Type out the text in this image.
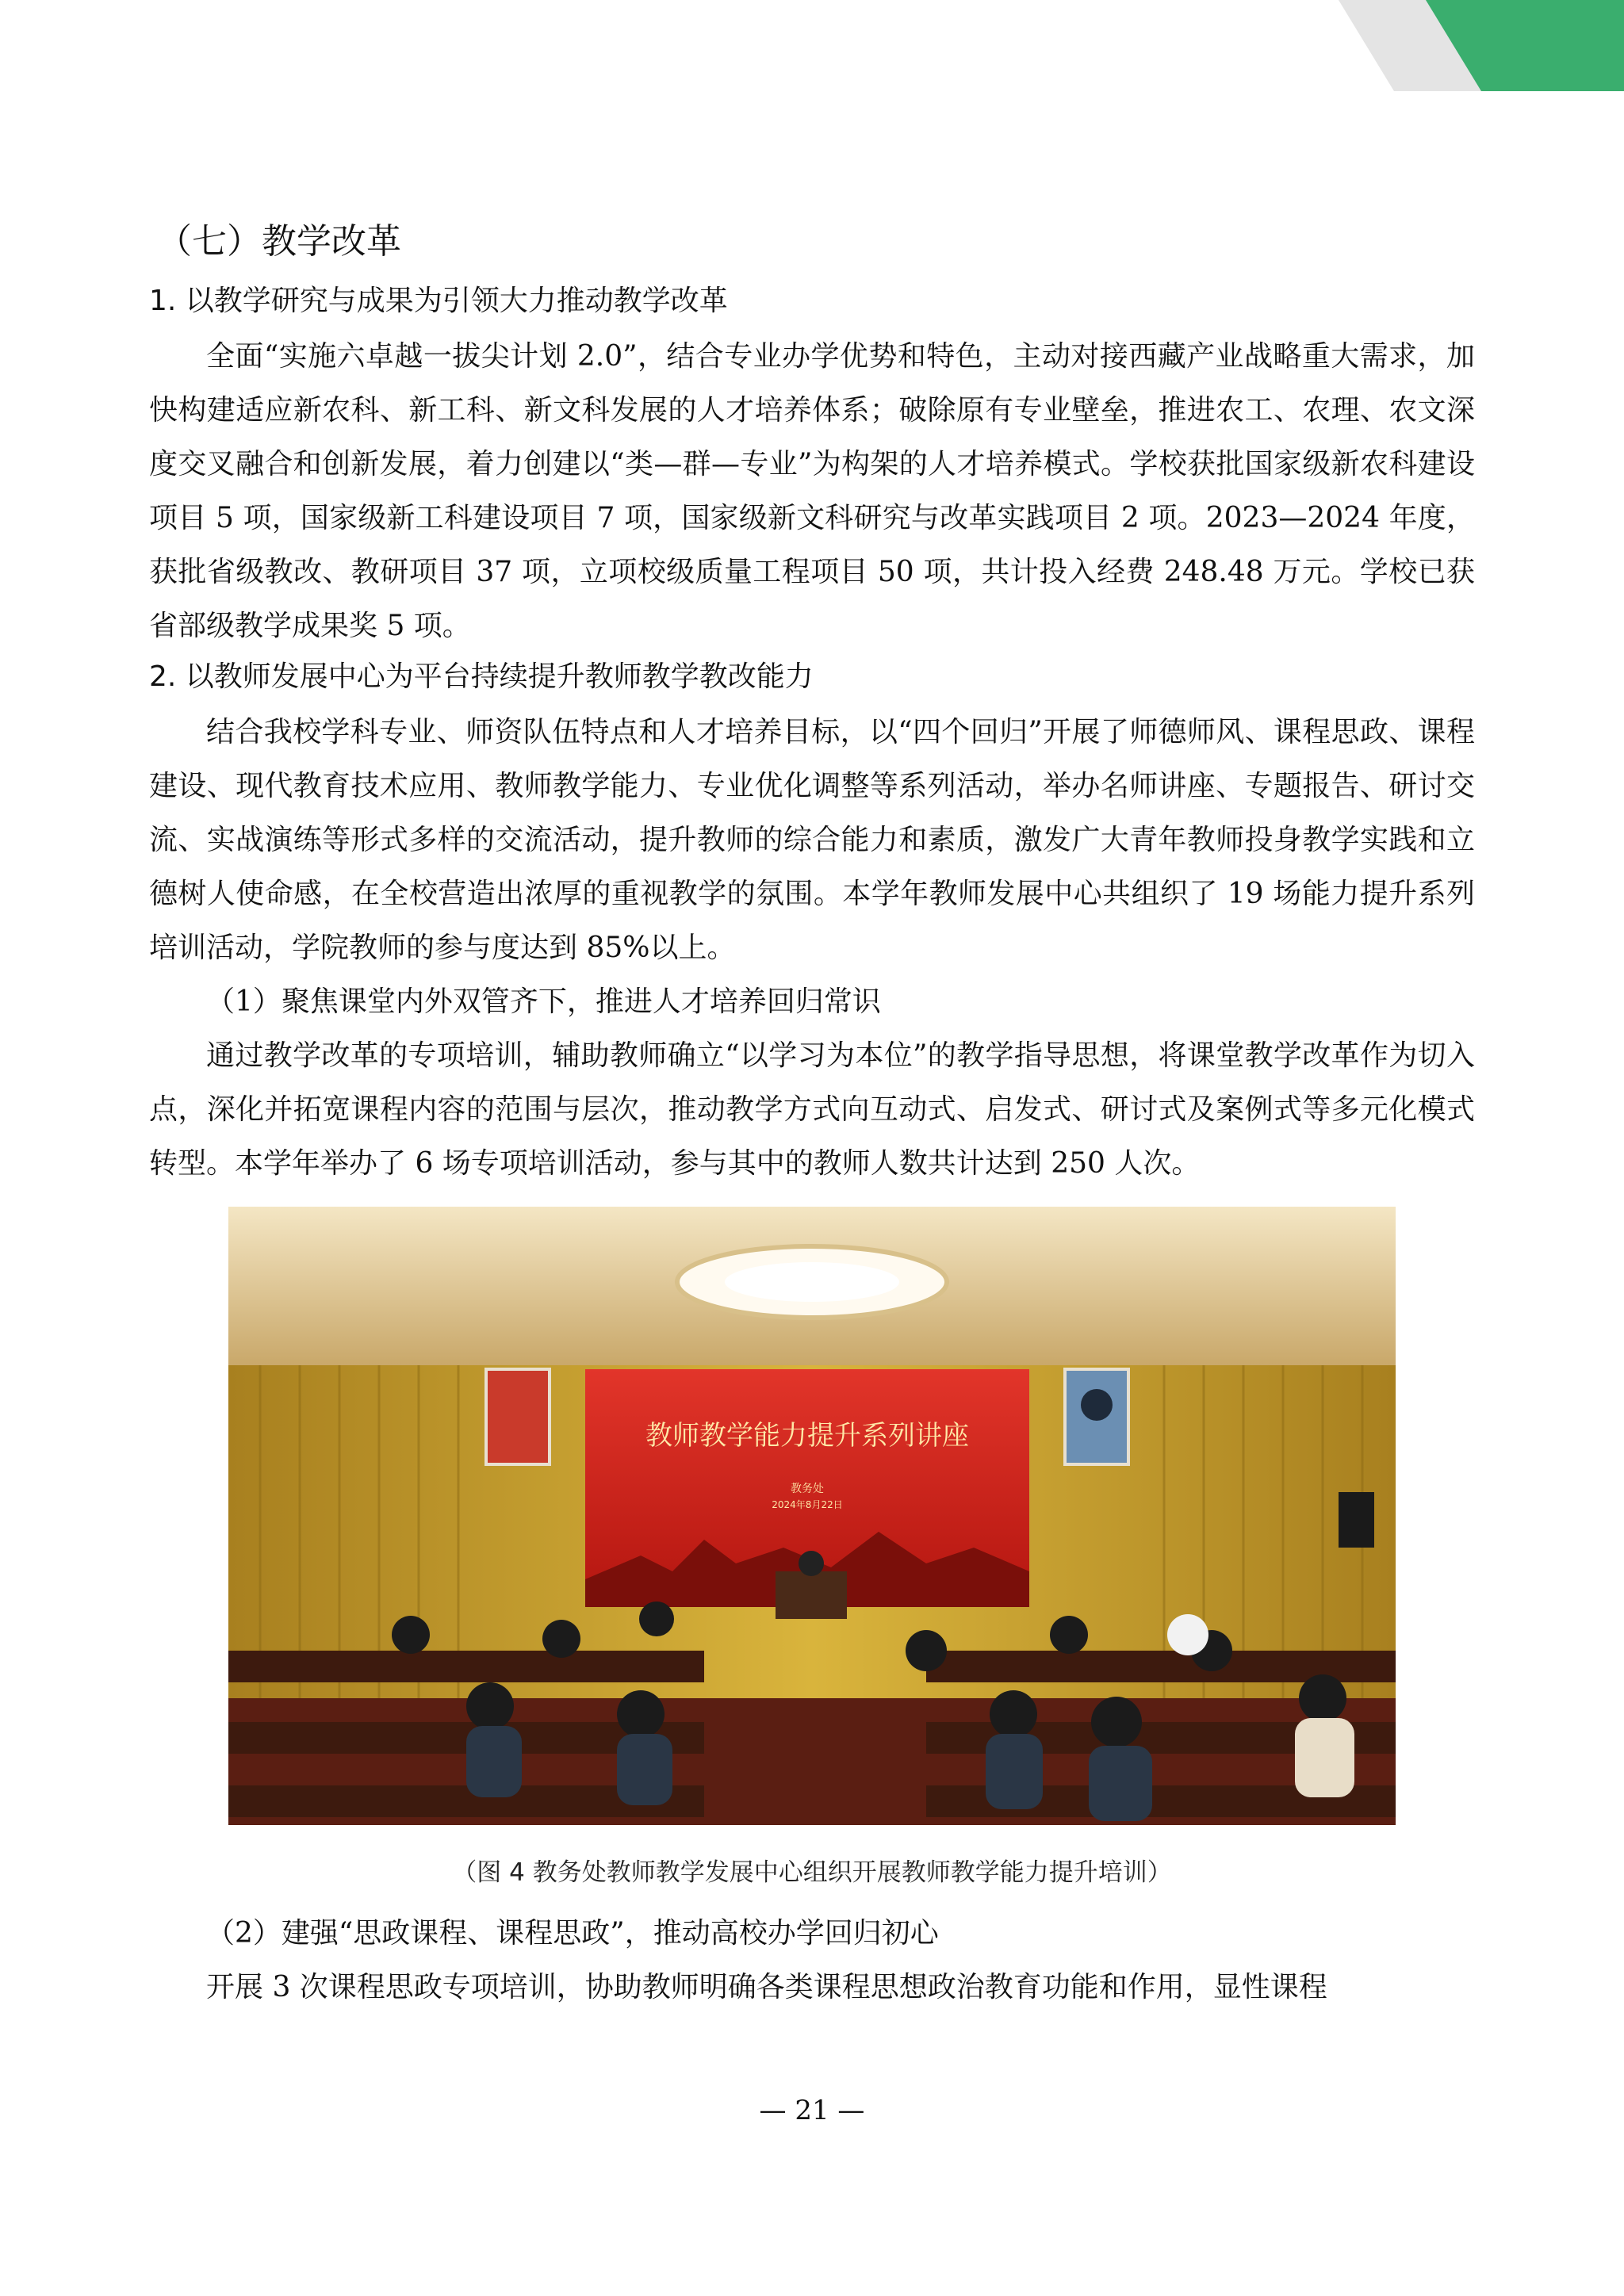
（七）教学改革
1. 以教学研究与成果为引领大力推动教学改革

全面“实施六卓越一拔尖计划 2.0”，结合专业办学优势和特色，主动对接西藏产业战略重大需求，加快构建适应新农科、新工科、新文科发展的人才培养体系；破除原有专业壁垒，推进农工、农理、农文深度交叉融合和创新发展，着力创建以“类—群—专业”为构架的人才培养模式。学校获批国家级新农科建设项目 5 项，国家级新工科建设项目 7 项，国家级新文科研究与改革实践项目 2 项。2023—2024 年度，获批省级教改、教研项目 37 项，立项校级质量工程项目 50 项，共计投入经费 248.48 万元。学校已获省部级教学成果奖 5 项。

2. 以教师发展中心为平台持续提升教师教学教改能力

结合我校学科专业、师资队伍特点和人才培养目标，以“四个回归”开展了师德师风、课程思政、课程建设、现代教育技术应用、教师教学能力、专业优化调整等系列活动，举办名师讲座、专题报告、研讨交流、实战演练等形式多样的交流活动，提升教师的综合能力和素质，激发广大青年教师投身教学实践和立德树人使命感，在全校营造出浓厚的重视教学的氛围。本学年教师发展中心共组织了 19 场能力提升系列培训活动，学院教师的参与度达到 85%以上。

（1）聚焦课堂内外双管齐下，推进人才培养回归常识

通过教学改革的专项培训，辅助教师确立“以学习为本位”的教学指导思想，将课堂教学改革作为切入点，深化并拓宽课程内容的范围与层次，推动教学方式向互动式、启发式、研讨式及案例式等多元化模式转型。本学年举办了 6 场专项培训活动，参与其中的教师人数共计达到 250 人次。

教师教学能力提升系列讲座
教务处
2024年8月22日
（图 4 教务处教师教学发展中心组织开展教师教学能力提升培训）

（2）建强“思政课程、课程思政”，推动高校办学回归初心

开展 3 次课程思政专项培训，协助教师明确各类课程思想政治教育功能和作用，显性课程

— 21 —
